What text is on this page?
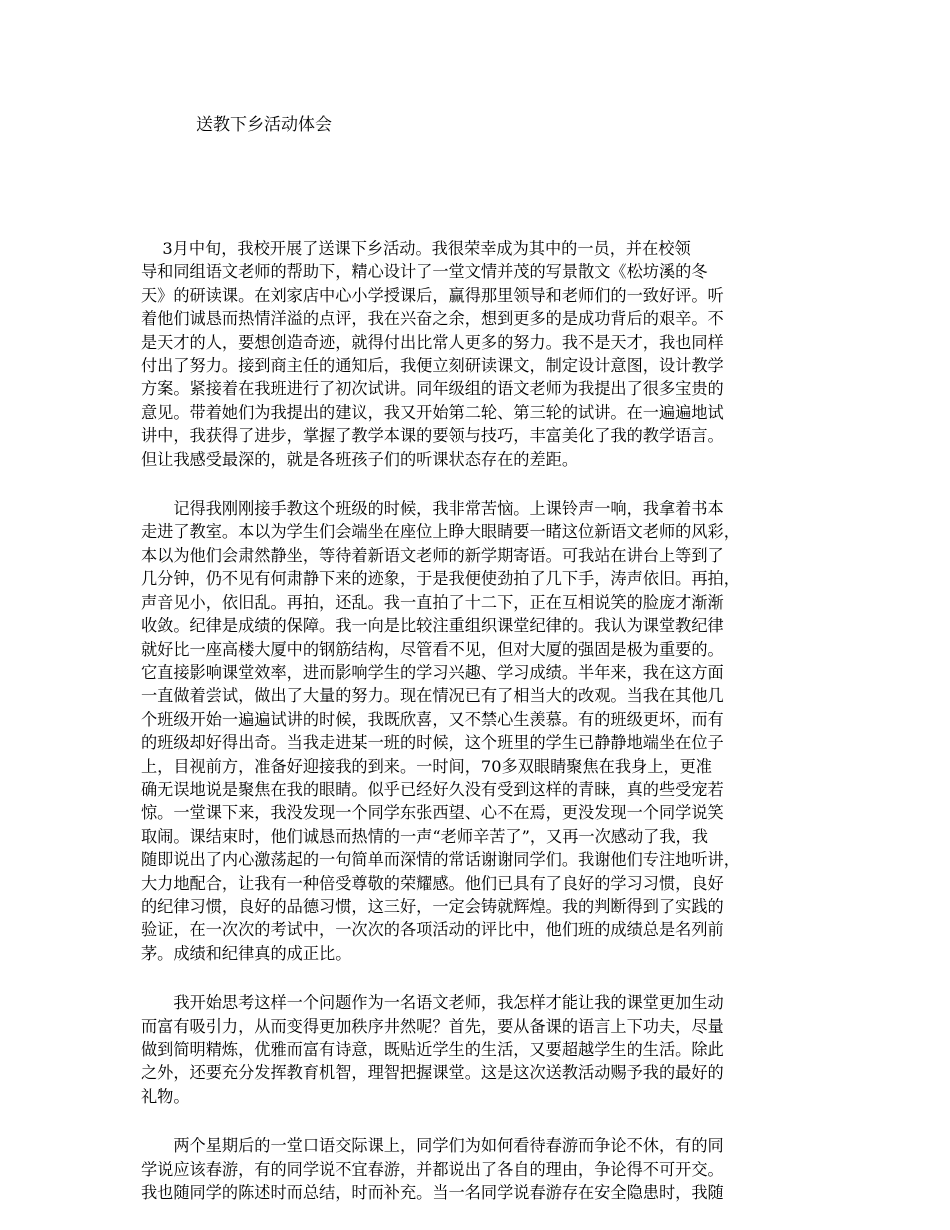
送教下乡活动体会
　 3月中旬，我校开展了送课下乡活动。我很荣幸成为其中的一员，并在校领
导和同组语文老师的帮助下，精心设计了一堂文情并茂的写景散文《松坊溪的冬
天》的研读课。在刘家店中心小学授课后，赢得那里领导和老师们的一致好评。听
着他们诚恳而热情洋溢的点评，我在兴奋之余，想到更多的是成功背后的艰辛。不
是天才的人，要想创造奇迹，就得付出比常人更多的努力。我不是天才，我也同样
付出了努力。接到商主任的通知后，我便立刻研读课文，制定设计意图，设计教学
方案。紧接着在我班进行了初次试讲。同年级组的语文老师为我提出了很多宝贵的
意见。带着她们为我提出的建议，我又开始第二轮、第三轮的试讲。在一遍遍地试
讲中，我获得了进步，掌握了教学本课的要领与技巧，丰富美化了我的教学语言。
但让我感受最深的，就是各班孩子们的听课状态存在的差距。
　　记得我刚刚接手教这个班级的时候，我非常苦恼。上课铃声一响，我拿着书本
走进了教室。本以为学生们会端坐在座位上睁大眼睛要一睹这位新语文老师的风彩，
本以为他们会肃然静坐，等待着新语文老师的新学期寄语。可我站在讲台上等到了
几分钟，仍不见有何肃静下来的迹象，于是我便使劲拍了几下手，涛声依旧。再拍，
声音见小，依旧乱。再拍，还乱。我一直拍了十二下，正在互相说笑的脸庞才渐渐
收敛。纪律是成绩的保障。我一向是比较注重组织课堂纪律的。我认为课堂教纪律
就好比一座高楼大厦中的钢筋结构，尽管看不见，但对大厦的强固是极为重要的。
它直接影响课堂效率，进而影响学生的学习兴趣、学习成绩。半年来，我在这方面
一直做着尝试，做出了大量的努力。现在情况已有了相当大的改观。当我在其他几
个班级开始一遍遍试讲的时候，我既欣喜，又不禁心生羡慕。有的班级更坏，而有
的班级却好得出奇。当我走进某一班的时候，这个班里的学生已静静地端坐在位子
上，目视前方，准备好迎接我的到来。一时间，70多双眼睛聚焦在我身上，更准
确无误地说是聚焦在我的眼睛。似乎已经好久没有受到这样的青睐，真的些受宠若
惊。一堂课下来，我没发现一个同学东张西望、心不在焉，更没发现一个同学说笑
取闹。课结束时，他们诚恳而热情的一声“老师辛苦了”，又再一次感动了我，我
随即说出了内心激荡起的一句简单而深情的常话谢谢同学们。我谢他们专注地听讲，
大力地配合，让我有一种倍受尊敬的荣耀感。他们已具有了良好的学习习惯，良好
的纪律习惯，良好的品德习惯，这三好，一定会铸就辉煌。我的判断得到了实践的
验证，在一次次的考试中，一次次的各项活动的评比中，他们班的成绩总是名列前
茅。成绩和纪律真的成正比。
　　我开始思考这样一个问题作为一名语文老师，我怎样才能让我的课堂更加生动
而富有吸引力，从而变得更加秩序井然呢？首先，要从备课的语言上下功夫，尽量
做到简明精炼，优雅而富有诗意，既贴近学生的生活，又要超越学生的生活。除此
之外，还要充分发挥教育机智，理智把握课堂。这是这次送教活动赐予我的最好的
礼物。
　　两个星期后的一堂口语交际课上，同学们为如何看待春游而争论不休，有的同
学说应该春游，有的同学说不宜春游，并都说出了各自的理由，争论得不可开交。
我也随同学的陈述时而总结，时而补充。当一名同学说春游存在安全隐患时，我随
